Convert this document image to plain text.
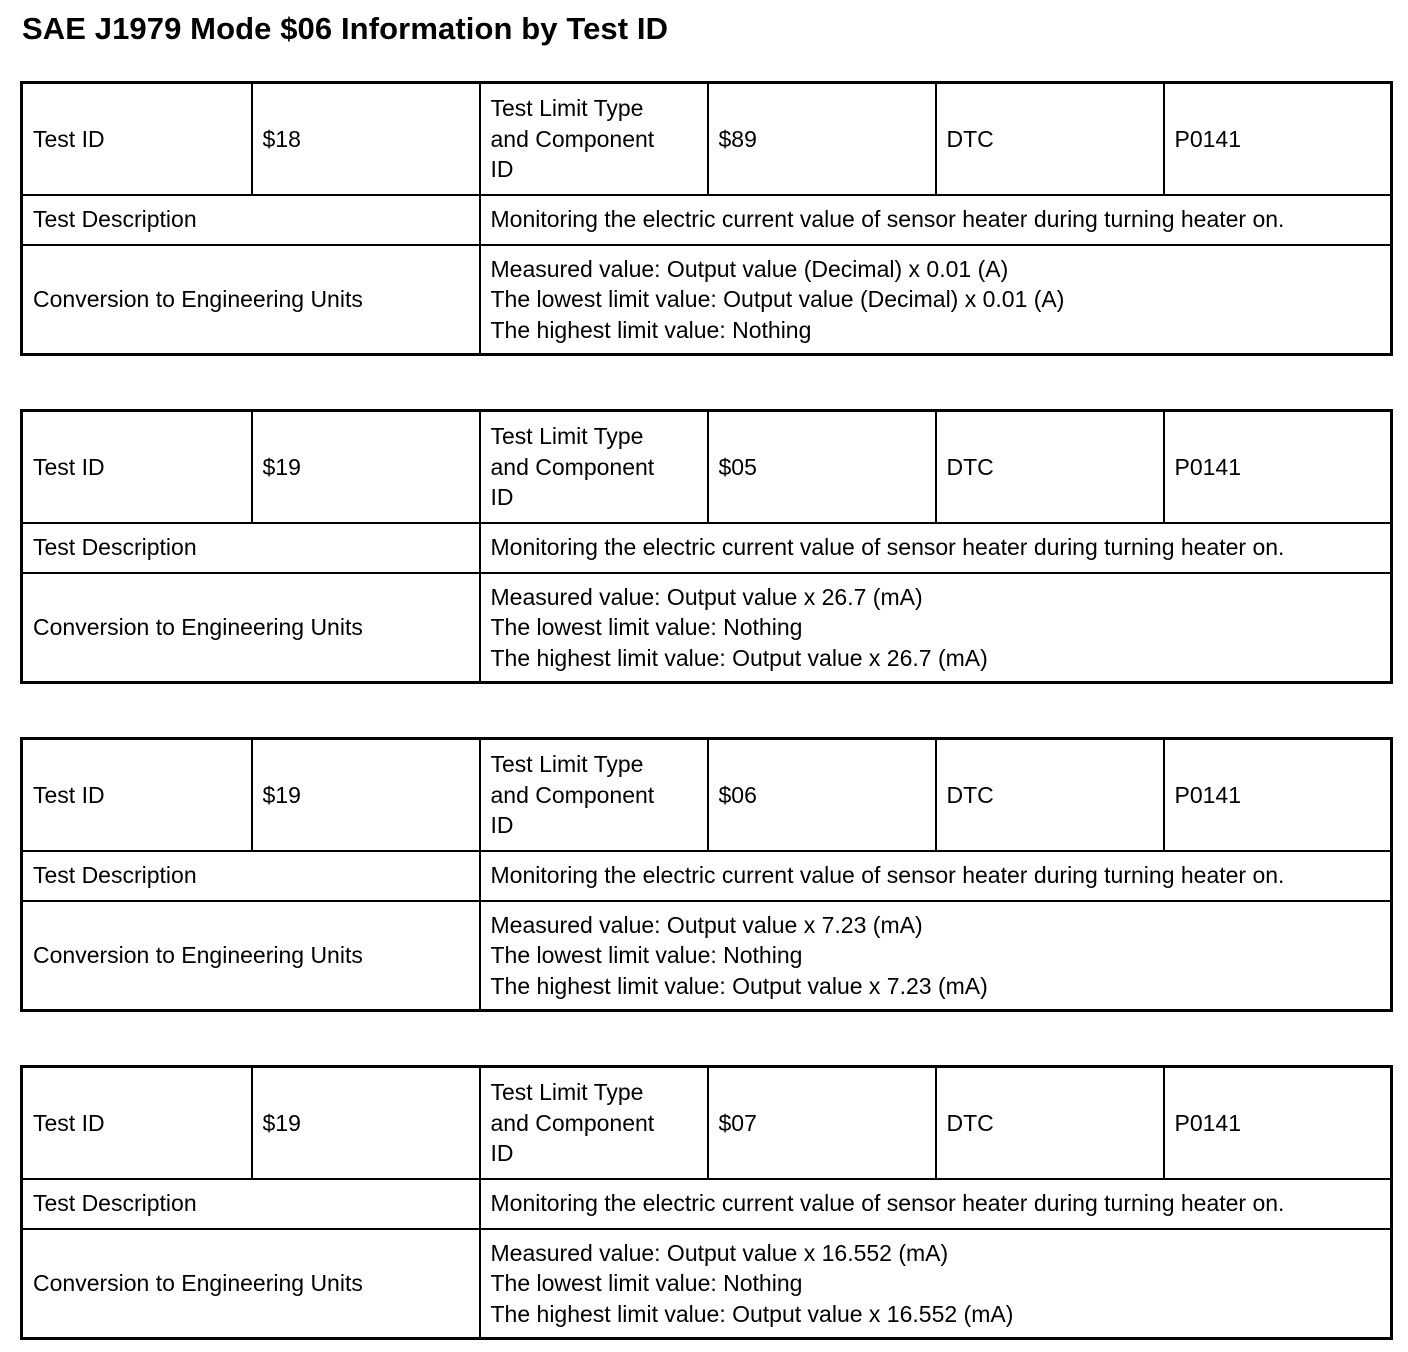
SAE J1979 Mode $06 Information by Test ID
Test ID	$18	Test Limit Type
and Component
ID	$89	DTC	P0141
Test Description		Monitoring the electric current value of sensor heater during turning heater on.			
Conversion to Engineering Units		Measured value: Output value (Decimal) x 0.01 (A)
The lowest limit value: Output value (Decimal) x 0.01 (A)
The highest limit value: Nothing			
Test ID	$19	Test Limit Type
and Component
ID	$05	DTC	P0141
Test Description		Monitoring the electric current value of sensor heater during turning heater on.			
Conversion to Engineering Units		Measured value: Output value x 26.7 (mA)
The lowest limit value: Nothing
The highest limit value: Output value x 26.7 (mA)			
Test ID	$19	Test Limit Type
and Component
ID	$06	DTC	P0141
Test Description		Monitoring the electric current value of sensor heater during turning heater on.			
Conversion to Engineering Units		Measured value: Output value x 7.23 (mA)
The lowest limit value: Nothing
The highest limit value: Output value x 7.23 (mA)			
Test ID	$19	Test Limit Type
and Component
ID	$07	DTC	P0141
Test Description		Monitoring the electric current value of sensor heater during turning heater on.			
Conversion to Engineering Units		Measured value: Output value x 16.552 (mA)
The lowest limit value: Nothing
The highest limit value: Output value x 16.552 (mA)			
